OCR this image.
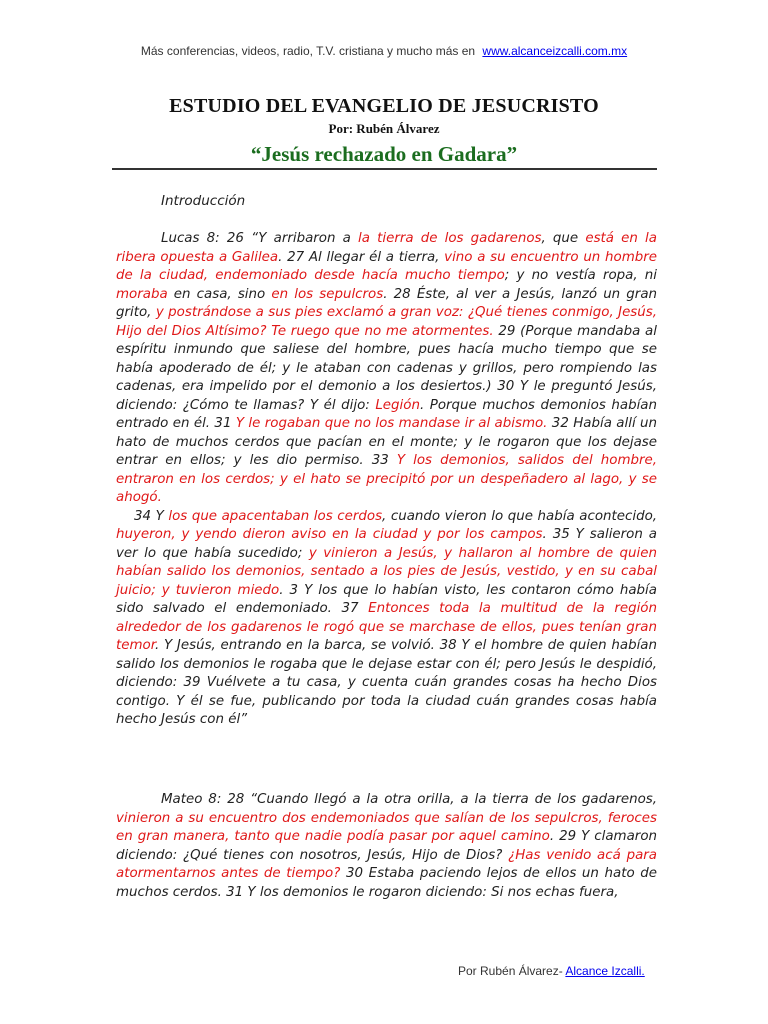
Más conferencias, videos, radio, T.V. cristiana y mucho más en www.alcanceizcalli.com.mx
ESTUDIO DEL EVANGELIO DE JESUCRISTO
Por: Rubén Álvarez
“Jesús rechazado en Gadara”
Introducción

Lucas 8: 26 “Y arribaron a la tierra de los gadarenos, que está en la ribera opuesta a Galilea. 27 Al llegar él a tierra, vino a su encuentro un hombre de la ciudad, endemoniado desde hacía mucho tiempo; y no vestía ropa, ni moraba en casa, sino en los sepulcros. 28 Éste, al ver a Jesús, lanzó un gran grito, y postrándose a sus pies exclamó a gran voz: ¿Qué tienes conmigo, Jesús, Hijo del Dios Altísimo? Te ruego que no me atormentes. 29 (Porque mandaba al espíritu inmundo que saliese del hombre, pues hacía mucho tiempo que se había apoderado de él; y le ataban con cadenas y grillos, pero rompiendo las cadenas, era impelido por el demonio a los desiertos.) 30 Y le preguntó Jesús, diciendo: ¿Cómo te llamas? Y él dijo: Legión. Porque muchos demonios habían entrado en él. 31 Y le rogaban que no los mandase ir al abismo. 32 Había allí un hato de muchos cerdos que pacían en el monte; y le rogaron que los dejase entrar en ellos; y les dio permiso. 33 Y los demonios, salidos del hombre, entraron en los cerdos; y el hato se precipitó por un despeñadero al lago, y se ahogó.

34 Y los que apacentaban los cerdos, cuando vieron lo que había acontecido, huyeron, y yendo dieron aviso en la ciudad y por los campos. 35 Y salieron a ver lo que había sucedido; y vinieron a Jesús, y hallaron al hombre de quien habían salido los demonios, sentado a los pies de Jesús, vestido, y en su cabal juicio; y tuvieron miedo. 3 Y los que lo habían visto, les contaron cómo había sido salvado el endemoniado. 37 Entonces toda la multitud de la región alrededor de los gadarenos le rogó que se marchase de ellos, pues tenían gran temor. Y Jesús, entrando en la barca, se volvió. 38 Y el hombre de quien habían salido los demonios le rogaba que le dejase estar con él; pero Jesús le despidió, diciendo: 39 Vuélvete a tu casa, y cuenta cuán grandes cosas ha hecho Dios contigo. Y él se fue, publicando por toda la ciudad cuán grandes cosas había hecho Jesús con él”

Mateo 8: 28 “Cuando llegó a la otra orilla, a la tierra de los gadarenos, vinieron a su encuentro dos endemoniados que salían de los sepulcros, feroces en gran manera, tanto que nadie podía pasar por aquel camino. 29 Y clamaron diciendo: ¿Qué tienes con nosotros, Jesús, Hijo de Dios? ¿Has venido acá para atormentarnos antes de tiempo? 30 Estaba paciendo lejos de ellos un hato de muchos cerdos. 31 Y los demonios le rogaron diciendo: Si nos echas fuera,

Por Rubén Álvarez- Alcance Izcalli.
